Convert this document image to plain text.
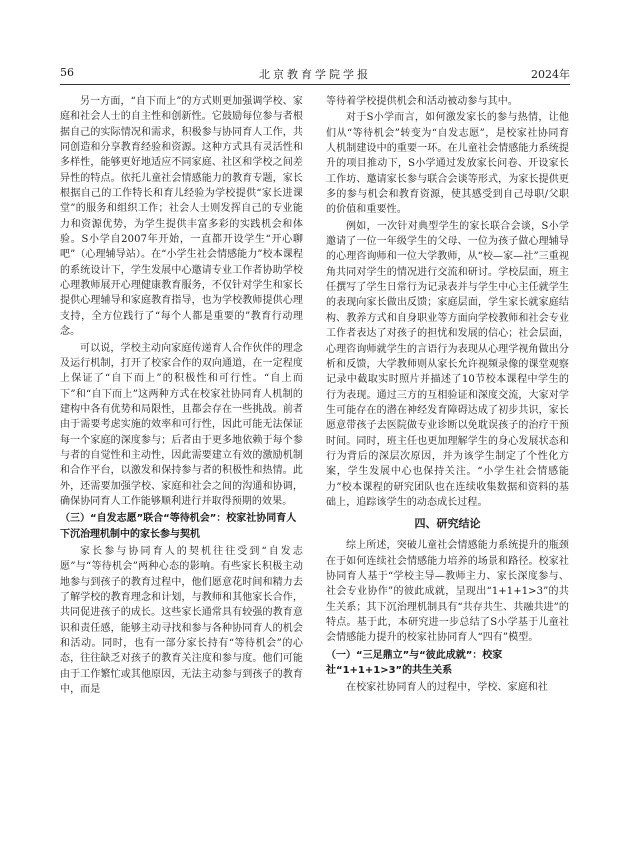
56	北京教育学院学报	2024年

另一方面，“自下而上”的方式则更加强调学校、家庭和社会人士的自主性和创新性。它鼓励每位参与者根据自己的实际情况和需求，积极参与协同育人工作，共同创造和分享教育经验和资源。这种方式具有灵活性和多样性，能够更好地适应不同家庭、社区和学校之间差异性的特点。依托儿童社会情感能力的教育专题，家长根据自己的工作特长和育儿经验为学校提供“家长进课堂”的服务和组织工作；社会人士则发挥自己的专业能力和资源优势，为学生提供丰富多彩的实践机会和体验。S小学自2007年开始，一直都开设学生“开心聊吧”（心理辅导站）。在“小学生社会情感能力”校本课程的系统设计下，学生发展中心邀请专业工作者协助学校心理教师展开心理健康教育服务，不仅针对学生和家长提供心理辅导和家庭教育指导，也为学校教师提供心理支持，全方位践行了“每个人都是重要的”教育行动理念。

可以说，学校主动向家庭传递育人合作伙伴的理念及运行机制，打开了校家合作的双向通道，在一定程度上保证了“自下而上”的积极性和可行性。“自上而下”和“自下而上”这两种方式在校家社协同育人机制的建构中各有优势和局限性，且都会存在一些挑战。前者由于需要考虑实施的效率和可行性，因此可能无法保证每一个家庭的深度参与；后者由于更多地依赖于每个参与者的自觉性和主动性，因此需要建立有效的激励机制和合作平台，以激发和保持参与者的积极性和热情。此外，还需要加强学校、家庭和社会之间的沟通和协调，确保协同育人工作能够顺利进行并取得预期的效果。

（三）“自发志愿”联合“等待机会”：校家社协同育人下沉治理机制中的家长参与契机

家长参与协同育人的契机往往受到“自发志愿”与“等待机会”两种心态的影响。有些家长积极主动地参与到孩子的教育过程中，他们愿意花时间和精力去了解学校的教育理念和计划，与教师和其他家长合作，共同促进孩子的成长。这些家长通常具有较强的教育意识和责任感，能够主动寻找和参与各种协同育人的机会和活动。同时，也有一部分家长持有“等待机会”的心态，往往缺乏对孩子的教育关注度和参与度。他们可能由于工作繁忙或其他原因，无法主动参与到孩子的教育中，而是

等待着学校提供机会和活动被动参与其中。

对于S小学而言，如何激发家长的参与热情，让他们从“等待机会”转变为“自发志愿”，是校家社协同育人机制建设中的重要一环。在儿童社会情感能力系统提升的项目推动下，S小学通过发放家长问卷、开设家长工作坊、邀请家长参与联合会谈等形式，为家长提供更多的参与机会和教育资源，使其感受到自己母职/父职的价值和重要性。

例如，一次针对典型学生的家长联合会谈，S小学邀请了一位一年级学生的父母、一位为孩子做心理辅导的心理咨询师和一位大学教师，从“校—家—社”三重视角共同对学生的情况进行交流和研讨。学校层面，班主任撰写了学生日常行为记录表并与学生中心主任就学生的表现向家长做出反馈；家庭层面，学生家长就家庭结构、教养方式和自身职业等方面向学校教师和社会专业工作者表达了对孩子的担忧和发展的信心；社会层面，心理咨询师就学生的言语行为表现从心理学视角做出分析和反馈，大学教师则从家长允许视频录像的课堂观察记录中截取实时照片并描述了10节校本课程中学生的行为表现。通过三方的互相验证和深度交流，大家对学生可能存在的潜在神经发育障碍达成了初步共识，家长愿意带孩子去医院做专业诊断以免耽误孩子的治疗干预时间。同时，班主任也更加理解学生的身心发展状态和行为背后的深层次原因，并为该学生制定了个性化方案，学生发展中心也保持关注。“小学生社会情感能力”校本课程的研究团队也在连续收集数据和资料的基础上，追踪该学生的动态成长过程。

四、研究结论

综上所述，突破儿童社会情感能力系统提升的瓶颈在于如何连续社会情感能力培养的场景和路径。校家社协同育人基于“学校主导—教师主力、家长深度参与、社会专业协作”的彼此成就，呈现出“1+1+1>3”的共生关系；其下沉治理机制具有“共存共生、共融共进”的特点。基于此，本研究进一步总结了S小学基于儿童社会情感能力提升的校家社协同育人“四有”模型。

（一）“三足鼎立”与“彼此成就”：校家社“1+1+1>3”的共生关系

在校家社协同育人的过程中，学校、家庭和社
